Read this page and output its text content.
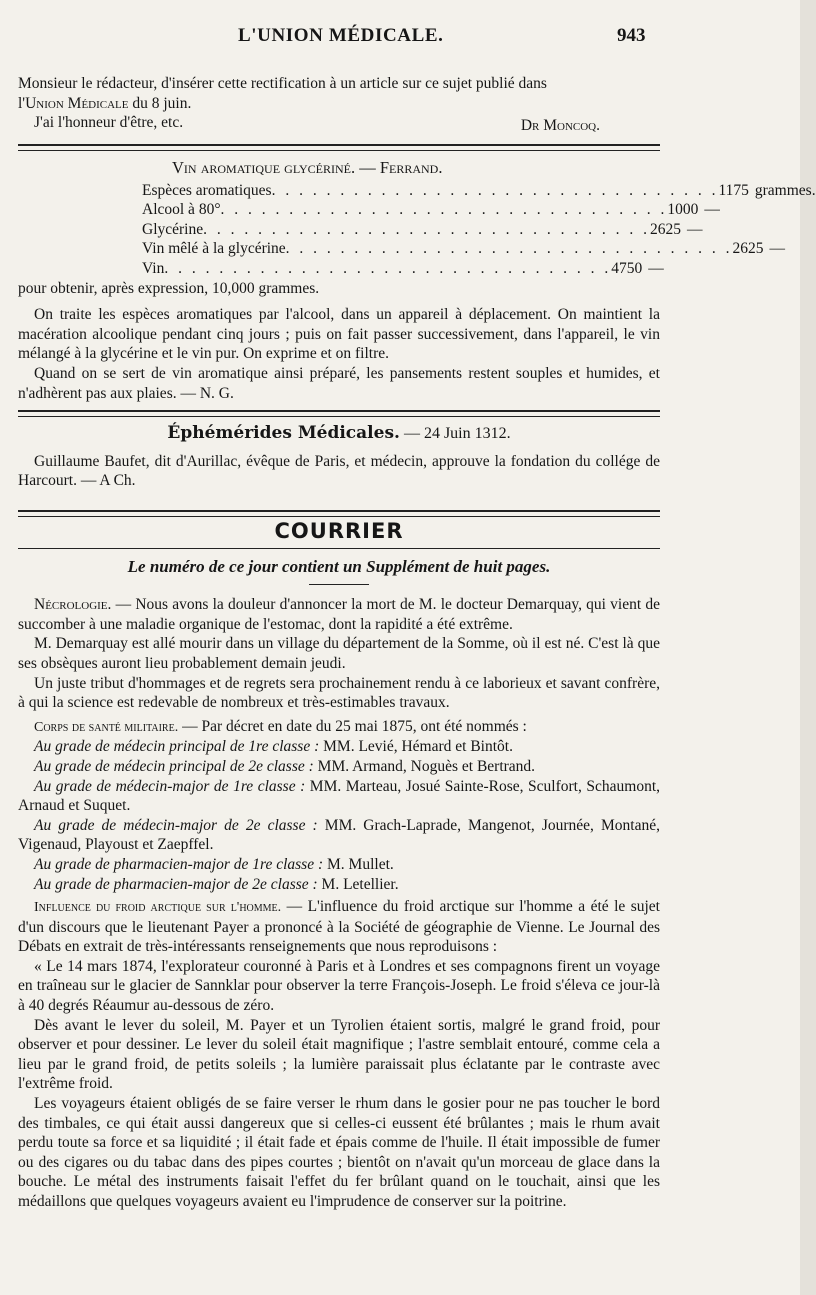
L'UNION MÉDICALE.	943

Monsieur le rédacteur, d'insérer cette rectification à un article sur ce sujet publié dans

l'Union Médicale du 8 juin.

J'ai l'honneur d'être, etc.	Dr Moncoq.

Vin aromatique glycériné. — Ferrand.

Espèces aromatiques . . . . . . . . . . . . . . . . . . . . . . . . . . . . . . . . . 1175 grammes.
Alcool à 80° . . . . . . . . . . . . . . . . . . . . . . . . . . . . . . . . . 1000 —
Glycérine . . . . . . . . . . . . . . . . . . . . . . . . . . . . . . . . . 2625 —
Vin mêlé à la glycérine . . . . . . . . . . . . . . . . . . . . . . . . . . . . . . . . . 2625 —
Vin . . . . . . . . . . . . . . . . . . . . . . . . . . . . . . . . . 4750 —

pour obtenir, après expression, 10,000 grammes.

On traite les espèces aromatiques par l'alcool, dans un appareil à déplacement. On maintient la macération alcoolique pendant cinq jours ; puis on fait passer successivement, dans l'appareil, le vin mélangé à la glycérine et le vin pur. On exprime et on filtre.

Quand on se sert de vin aromatique ainsi préparé, les pansements restent souples et humides, et n'adhèrent pas aux plaies. — N. G.

Éphémérides Médicales. — 24 Juin 1312.

Guillaume Baufet, dit d'Aurillac, évêque de Paris, et médecin, approuve la fondation du collége de Harcourt. — A Ch.

COURRIER

Le numéro de ce jour contient un Supplément de huit pages.

Nécrologie. — Nous avons la douleur d'annoncer la mort de M. le docteur Demarquay, qui vient de succomber à une maladie organique de l'estomac, dont la rapidité a été extrême.

M. Demarquay est allé mourir dans un village du département de la Somme, où il est né. C'est là que ses obsèques auront lieu probablement demain jeudi.

Un juste tribut d'hommages et de regrets sera prochainement rendu à ce laborieux et savant confrère, à qui la science est redevable de nombreux et très-estimables travaux.

Corps de santé militaire. — Par décret en date du 25 mai 1875, ont été nommés :

Au grade de médecin principal de 1re classe : MM. Levié, Hémard et Bintôt.

Au grade de médecin principal de 2e classe : MM. Armand, Noguès et Bertrand.

Au grade de médecin-major de 1re classe : MM. Marteau, Josué Sainte-Rose, Sculfort, Schaumont, Arnaud et Suquet.

Au grade de médecin-major de 2e classe : MM. Grach-Laprade, Mangenot, Journée, Montané, Vigenaud, Playoust et Zaepffel.

Au grade de pharmacien-major de 1re classe : M. Mullet.

Au grade de pharmacien-major de 2e classe : M. Letellier.

Influence du froid arctique sur l'homme. — L'influence du froid arctique sur l'homme a été le sujet d'un discours que le lieutenant Payer a prononcé à la Société de géographie de Vienne. Le Journal des Débats en extrait de très-intéressants renseignements que nous reproduisons :

« Le 14 mars 1874, l'explorateur couronné à Paris et à Londres et ses compagnons firent un voyage en traîneau sur le glacier de Sannklar pour observer la terre François-Joseph. Le froid s'éleva ce jour-là à 40 degrés Réaumur au-dessous de zéro.

Dès avant le lever du soleil, M. Payer et un Tyrolien étaient sortis, malgré le grand froid, pour observer et pour dessiner. Le lever du soleil était magnifique ; l'astre semblait entouré, comme cela a lieu par le grand froid, de petits soleils ; la lumière paraissait plus éclatante par le contraste avec l'extrême froid.

Les voyageurs étaient obligés de se faire verser le rhum dans le gosier pour ne pas toucher le bord des timbales, ce qui était aussi dangereux que si celles-ci eussent été brûlantes ; mais le rhum avait perdu toute sa force et sa liquidité ; il était fade et épais comme de l'huile. Il était impossible de fumer ou des cigares ou du tabac dans des pipes courtes ; bientôt on n'avait qu'un morceau de glace dans la bouche. Le métal des instruments faisait l'effet du fer brûlant quand on le touchait, ainsi que les médaillons que quelques voyageurs avaient eu l'imprudence de conserver sur la poitrine.
